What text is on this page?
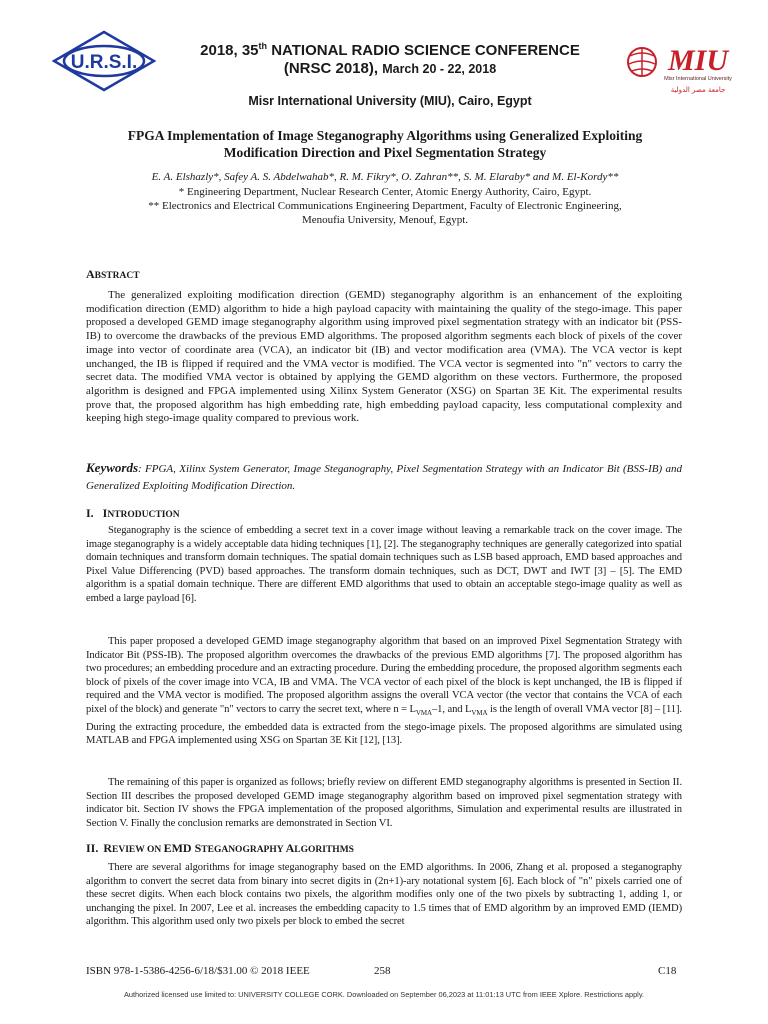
U.R.S.I.
2018, 35th NATIONAL RADIO SCIENCE CONFERENCE
(NRSC 2018), March 20 - 22, 2018
Misr International University (MIU), Cairo, Egypt
MIU
Misr International University
جامعة مصر الدولية
FPGA Implementation of Image Steganography Algorithms using Generalized Exploiting
Modification Direction and Pixel Segmentation Strategy
E. A. Elshazly*, Safey A. S. Abdelwahab*, R. M. Fikry*, O. Zahran**, S. M. Elaraby* and M. El-Kordy**
* Engineering Department, Nuclear Research Center, Atomic Energy Authority, Cairo, Egypt.
** Electronics and Electrical Communications Engineering Department, Faculty of Electronic Engineering,
Menoufia University, Menouf, Egypt.
ABSTRACT

The generalized exploiting modification direction (GEMD) steganography algorithm is an enhancement of the exploiting modification direction (EMD) algorithm to hide a high payload capacity with maintaining the quality of the stego-image. This paper proposed a developed GEMD image steganography algorithm using improved pixel segmentation strategy with an indicator bit (PSS-IB) to overcome the drawbacks of the previous EMD algorithms. The proposed algorithm segments each block of pixels of the cover image into vector of coordinate area (VCA), an indicator bit (IB) and vector modification area (VMA). The VCA vector is kept unchanged, the IB is flipped if required and the VMA vector is modified. The VCA vector is segmented into "n" vectors to carry the secret data. The modified VMA vector is obtained by applying the GEMD algorithm on these vectors. Furthermore, the proposed algorithm is designed and FPGA implemented using Xilinx System Generator (XSG) on Spartan 3E Kit. The experimental results prove that, the proposed algorithm has high embedding rate, high embedding payload capacity, less computational complexity and keeping high stego-image quality compared to previous work.

Keywords: FPGA, Xilinx System Generator, Image Steganography, Pixel Segmentation Strategy with an Indicator Bit (BSS-IB) and Generalized Exploiting Modification Direction.

I. INTRODUCTION

Steganography is the science of embedding a secret text in a cover image without leaving a remarkable track on the cover image. The image steganography is a widely acceptable data hiding techniques [1], [2]. The steganography techniques are generally categorized into spatial domain techniques and transform domain techniques. The spatial domain techniques such as LSB based approach, EMD based approaches and Pixel Value Differencing (PVD) based approaches. The transform domain techniques, such as DCT, DWT and IWT [3] – [5]. The EMD algorithm is a spatial domain technique. There are different EMD algorithms that used to obtain an acceptable stego-image quality as well as embed a large payload [6].

This paper proposed a developed GEMD image steganography algorithm that based on an improved Pixel Segmentation Strategy with Indicator Bit (PSS-IB). The proposed algorithm overcomes the drawbacks of the previous EMD algorithms [7]. The proposed algorithm has two procedures; an embedding procedure and an extracting procedure. During the embedding procedure, the proposed algorithm segments each block of pixels of the cover image into VCA, IB and VMA. The VCA vector of each pixel of the block is kept unchanged, the IB is flipped if required and the VMA vector is modified. The proposed algorithm assigns the overall VCA vector (the vector that contains the VCA of each pixel of the block) and generate "n" vectors to carry the secret text, where $n = L_{VMA}-1$, and $L_{VMA}$ is the length of overall VMA vector [8] – [11]. During the extracting procedure, the embedded data is extracted from the stego-image pixels. The proposed algorithms are simulated using MATLAB and FPGA implemented using XSG on Spartan 3E Kit [12], [13].

The remaining of this paper is organized as follows; briefly review on different EMD steganography algorithms is presented in Section II. Section III describes the proposed developed GEMD image steganography algorithm based on improved pixel segmentation strategy with indicator bit. Section IV shows the FPGA implementation of the proposed algorithms, Simulation and experimental results are illustrated in Section V. Finally the conclusion remarks are demonstrated in Section VI.

II. REVIEW ON EMD STEGANOGRAPHY ALGORITHMS

There are several algorithms for image steganography based on the EMD algorithms. In 2006, Zhang et al. proposed a steganography algorithm to convert the secret data from binary into secret digits in (2n+1)-ary notational system [6]. Each block of "n" pixels carried one of these secret digits. When each block contains two pixels, the algorithm modifies only one of the two pixels by subtracting 1, adding 1, or unchanging the pixel. In 2007, Lee et al. increases the embedding capacity to 1.5 times that of EMD algorithm by an improved EMD (IEMD) algorithm. This algorithm used only two pixels per block to embed the secret

ISBN 978-1-5386-4256-6/18/$31.00 © 2018 IEEE	258	C18
Authorized licensed use limited to: UNIVERSITY COLLEGE CORK. Downloaded on September 06,2023 at 11:01:13 UTC from IEEE Xplore. Restrictions apply.
